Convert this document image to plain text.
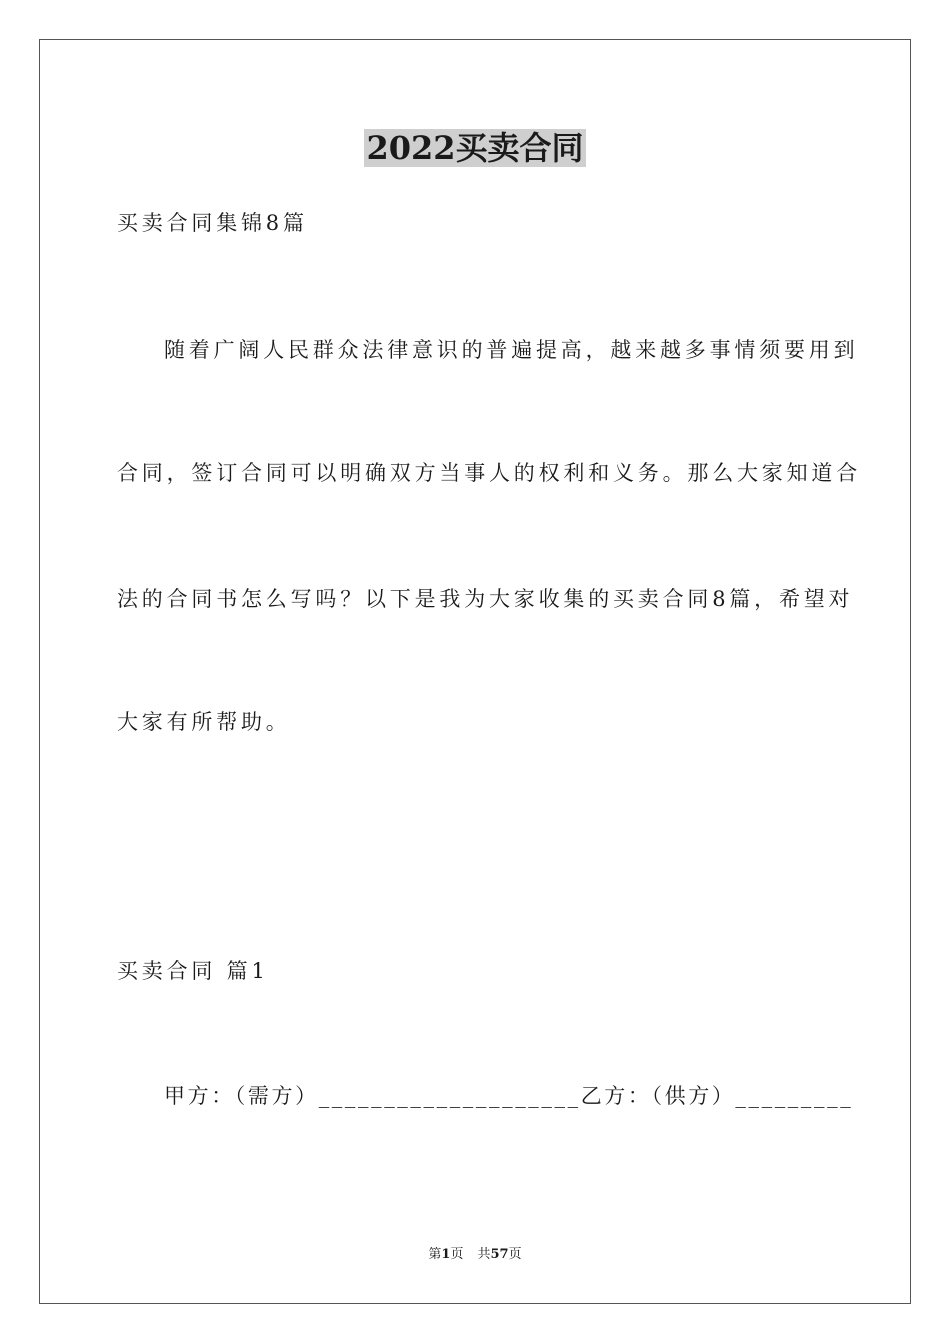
2022买卖合同
买卖合同集锦8篇
随着广阔人民群众法律意识的普遍提高，越来越多事情须要用到
合同，签订合同可以明确双方当事人的权利和义务。那么大家知道合
法的合同书怎么写吗？以下是我为大家收集的买卖合同8篇，希望对
大家有所帮助。
买卖合同 篇1
甲方：（需方）____________________乙方：（供方）_________
第1页 共57页
